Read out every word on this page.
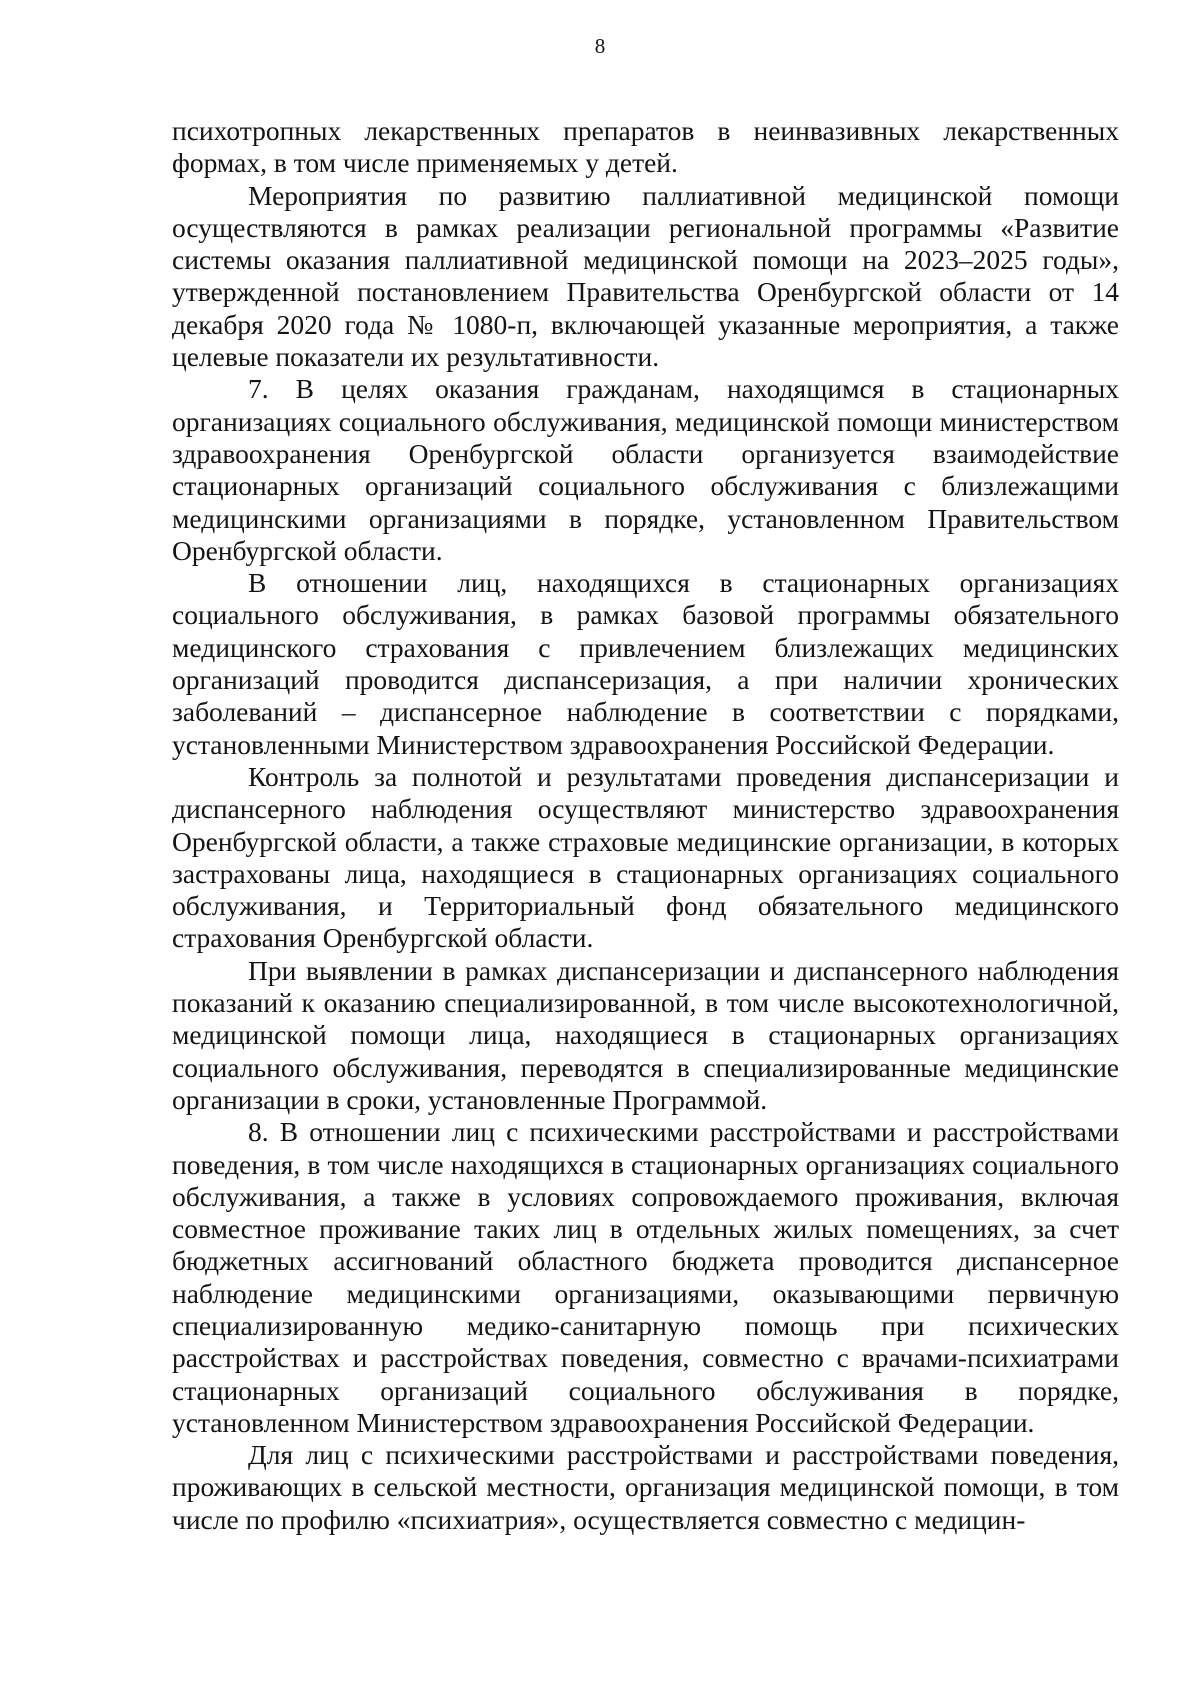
8

психотропных лекарственных препаратов в неинвазивных лекарственных формах, в том числе применяемых у детей.

Мероприятия по развитию паллиативной медицинской помощи осуществляются в рамках реализации региональной программы «Развитие системы оказания паллиативной медицинской помощи на 2023–2025 годы», утвержденной постановлением Правительства Оренбургской области от 14 декабря 2020 года № 1080-п, включающей указанные мероприятия, а также целевые показатели их результативности.

7. В целях оказания гражданам, находящимся в стационарных организациях социального обслуживания, медицинской помощи министерством здравоохранения Оренбургской области организуется взаимодействие стационарных организаций социального обслуживания с близлежащими медицинскими организациями в порядке, установленном Правительством Оренбургской области.

В отношении лиц, находящихся в стационарных организациях социального обслуживания, в рамках базовой программы обязательного медицинского страхования с привлечением близлежащих медицинских организаций проводится диспансеризация, а при наличии хронических заболеваний – диспансерное наблюдение в соответствии с порядками, установленными Министерством здравоохранения Российской Федерации.

Контроль за полнотой и результатами проведения диспансеризации и диспансерного наблюдения осуществляют министерство здравоохранения Оренбургской области, а также страховые медицинские организации, в которых застрахованы лица, находящиеся в стационарных организациях социального обслуживания, и Территориальный фонд обязательного медицинского страхования Оренбургской области.

При выявлении в рамках диспансеризации и диспансерного наблюдения показаний к оказанию специализированной, в том числе высокотехнологичной, медицинской помощи лица, находящиеся в стационарных организациях социального обслуживания, переводятся в специализированные медицинские организации в сроки, установленные Программой.

8. В отношении лиц с психическими расстройствами и расстройствами поведения, в том числе находящихся в стационарных организациях социального обслуживания, а также в условиях сопровождаемого проживания, включая совместное проживание таких лиц в отдельных жилых помещениях, за счет бюджетных ассигнований областного бюджета проводится диспансерное наблюдение медицинскими организациями, оказывающими первичную специализированную медико-санитарную помощь при психических расстройствах и расстройствах поведения, совместно с врачами-психиатрами стационарных организаций социального обслуживания в порядке, установленном Министерством здравоохранения Российской Федерации.

Для лиц с психическими расстройствами и расстройствами поведения, проживающих в сельской местности, организация медицинской помощи, в том числе по профилю «психиатрия», осуществляется совместно с медицин-
